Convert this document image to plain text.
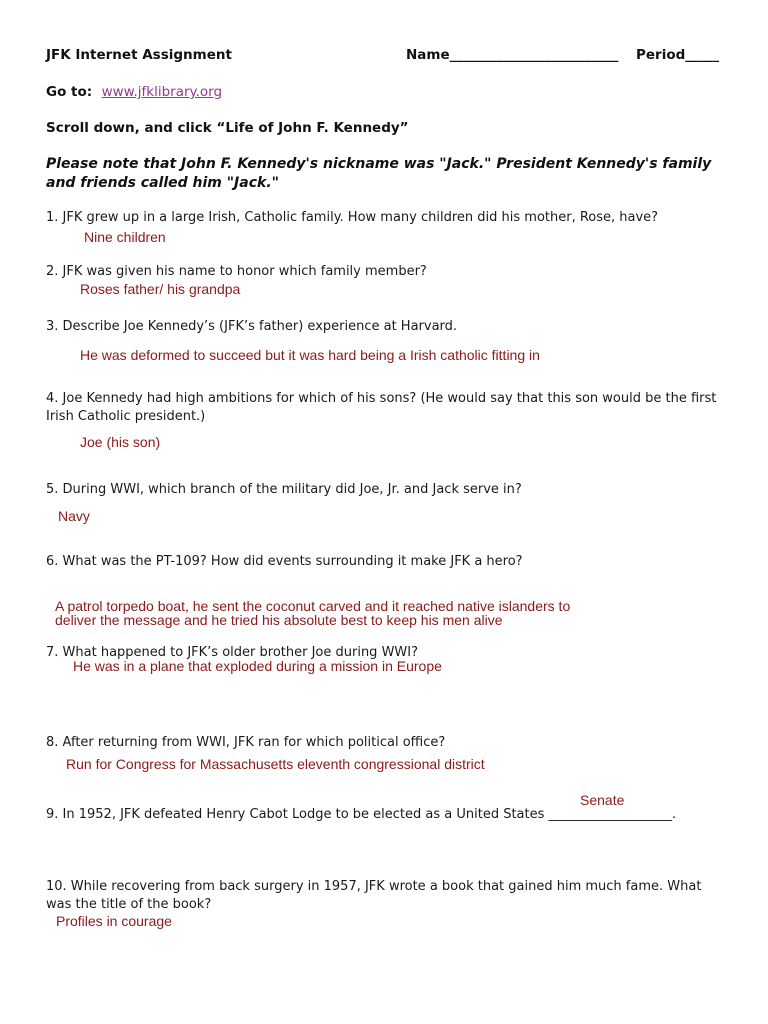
JFK Internet Assignment	Name_________________________ Period_____
Go to: www.jfklibrary.org
Scroll down, and click “Life of John F. Kennedy”
Please note that John F. Kennedy's nickname was "Jack." President Kennedy's family and friends called him "Jack."
1. JFK grew up in a large Irish, Catholic family. How many children did his mother, Rose, have?
Nine children
2. JFK was given his name to honor which family member?
Roses father/ his grandpa
3. Describe Joe Kennedy’s (JFK’s father) experience at Harvard.
He was deformed to succeed but it was hard being a Irish catholic fitting in
4. Joe Kennedy had high ambitions for which of his sons? (He would say that this son would be the first Irish Catholic president.)
Joe (his son)
5. During WWI, which branch of the military did Joe, Jr. and Jack serve in?
Navy
6. What was the PT-109? How did events surrounding it make JFK a hero?
A patrol torpedo boat, he sent the coconut carved and it reached native islanders to deliver the message and he tried his absolute best to keep his men alive
7. What happened to JFK’s older brother Joe during WWI?
He was in a plane that exploded during a mission in Europe
8. After returning from WWI, JFK ran for which political office?
Run for Congress for Massachusetts eleventh congressional district
Senate
9. In 1952, JFK defeated Henry Cabot Lodge to be elected as a United States ___________________.
10. While recovering from back surgery in 1957, JFK wrote a book that gained him much fame. What was the title of the book?
Profiles in courage
